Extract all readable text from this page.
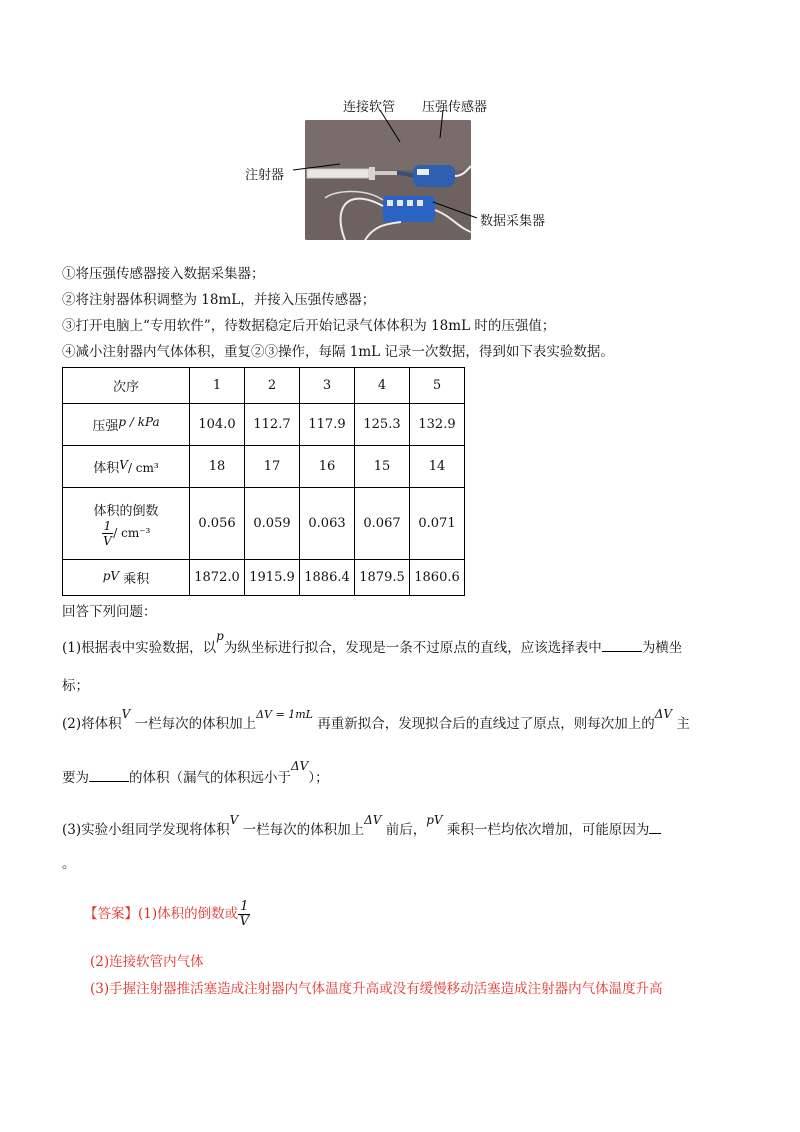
连接软管 压强传感器
注射器
数据采集器
①将压强传感器接入数据采集器；
②将注射器体积调整为 18mL，并接入压强传感器；
③打开电脑上“专用软件”，待数据稳定后开始记录气体体积为 18mL 时的压强值；
④减小注射器内气体体积，重复②③操作，每隔 1mL 记录一次数据，得到如下表实验数据。
次序	1	2	3	4	5
压强p / kPa	104.0	112.7	117.9	125.3	132.9
体积V/ cm³	18	17	16	15	14

体积的倒数
$\frac{1}{V} / cm^{-3}$	0.056	0.059	0.063	0.067	0.071
pV 乘积	1872.0	1915.9	1886.4	1879.5	1860.6
回答下列问题：
(1)根据表中实验数据，以p为纵坐标进行拟合，发现是一条不过原点的直线，应该选择表中	为横坐
标；
(2)将体积V 一栏每次的体积加上$^{\Delta V = 1mL}$ 再重新拟合，发现拟合后的直线过了原点，则每次加上的ΔV 主
要为	的体积（漏气的体积远小于ΔV）；
(3)实验小组同学发现将体积V 一栏每次的体积加上ΔV 前后，pV 乘积一栏均依次增加，可能原因为
。
【答案】(1)体积的倒数或 $\frac{1}{V}$
(2)连接软管内气体
(3)手握注射器推活塞造成注射器内气体温度升高或没有缓慢移动活塞造成注射器内气体温度升高
